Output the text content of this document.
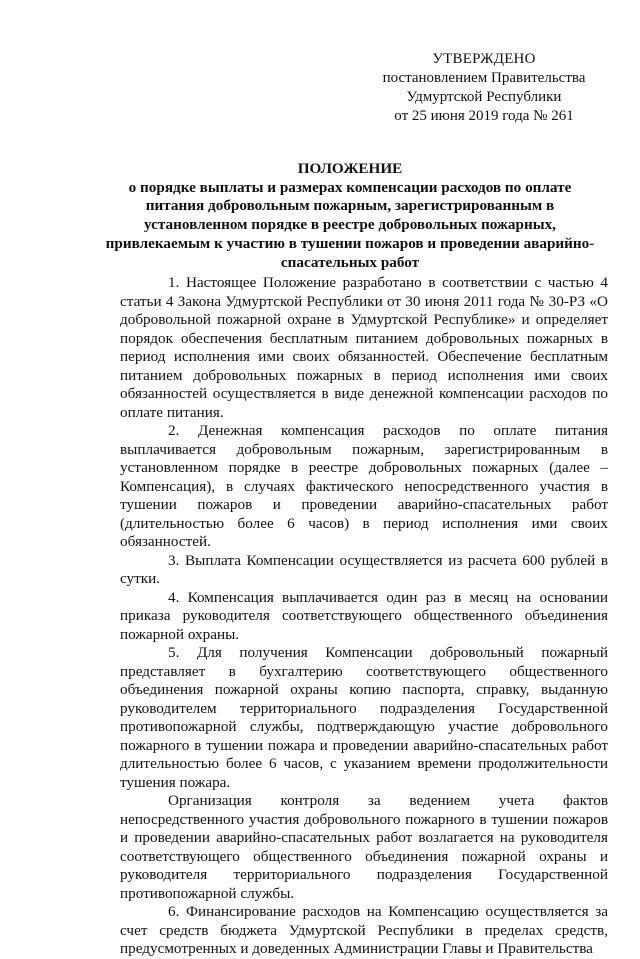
УТВЕРЖДЕНО
постановлением Правительства
Удмуртской Республики
от 25 июня 2019 года № 261
ПОЛОЖЕНИЕ
о порядке выплаты и размерах компенсации расходов по оплате питания добровольным пожарным, зарегистрированным в установленном порядке в реестре добровольных пожарных, привлекаемым к участию в тушении пожаров и проведении аварийно-спасательных работ

1. Настоящее Положение разработано в соответствии с частью 4 статьи 4 Закона Удмуртской Республики от 30 июня 2011 года № 30-РЗ «О добровольной пожарной охране в Удмуртской Республике» и определяет порядок обеспечения бесплатным питанием добровольных пожарных в период исполнения ими своих обязанностей. Обеспечение бесплатным питанием добровольных пожарных в период исполнения ими своих обязанностей осуществляется в виде денежной компенсации расходов по оплате питания.

2. Денежная компенсация расходов по оплате питания выплачивается добровольным пожарным, зарегистрированным в установленном порядке в реестре добровольных пожарных (далее – Компенсация), в случаях фактического непосредственного участия в тушении пожаров и проведении аварийно-спасательных работ (длительностью более 6 часов) в период исполнения ими своих обязанностей.

3. Выплата Компенсации осуществляется из расчета 600 рублей в сутки.

4. Компенсация выплачивается один раз в месяц на основании приказа руководителя соответствующего общественного объединения пожарной охраны.

5. Для получения Компенсации добровольный пожарный представляет в бухгалтерию соответствующего общественного объединения пожарной охраны копию паспорта, справку, выданную руководителем территориального подразделения Государственной противопожарной службы, подтверждающую участие добровольного пожарного в тушении пожара и проведении аварийно-спасательных работ длительностью более 6 часов, с указанием времени продолжительности тушения пожара.

Организация контроля за ведением учета фактов непосредственного участия добровольного пожарного в тушении пожаров и проведении аварийно-спасательных работ возлагается на руководителя соответствующего общественного объединения пожарной охраны и руководителя территориального подразделения Государственной противопожарной службы.

6. Финансирование расходов на Компенсацию осуществляется за счет средств бюджета Удмуртской Республики в пределах средств, предусмотренных и доведенных Администрации Главы и Правительства
